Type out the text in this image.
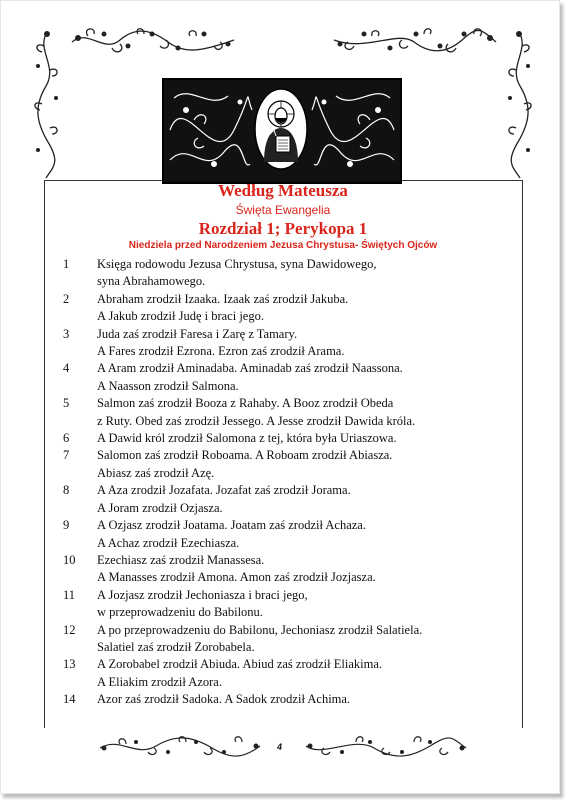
Według Mateusza
Święta Ewangelia
Rozdział 1; Perykopa 1
Niedziela przed Narodzeniem Jezusa Chrystusa- Świętych Ojców
1	Księga rodowodu Jezusa Chrystusa, syna Dawidowego,
syna Abrahamowego.
2	Abraham zrodził Izaaka. Izaak zaś zrodził Jakuba.
A Jakub zrodził Judę i braci jego.
3	Juda zaś zrodził Faresa i Zarę z Tamary.
A Fares zrodził Ezrona. Ezron zaś zrodził Arama.
4	A Aram zrodził Aminadaba. Aminadab zaś zrodził Naassona.
A Naasson zrodził Salmona.
5	Salmon zaś zrodził Booza z Rahaby. A Booz zrodził Obeda
z Ruty. Obed zaś zrodził Jessego. A Jesse zrodził Dawida króla.
6	A Dawid król zrodził Salomona z tej, która była Uriaszowa.
7	Salomon zaś zrodził Roboama. A Roboam zrodził Abiasza.
Abiasz zaś zrodził Azę.
8	A Aza zrodził Jozafata. Jozafat zaś zrodził Jorama.
A Joram zrodził Ozjasza.
9	A Ozjasz zrodził Joatama. Joatam zaś zrodził Achaza.
A Achaz zrodził Ezechiasza.
10	Ezechiasz zaś zrodził Manassesa.
A Manasses zrodził Amona. Amon zaś zrodził Jozjasza.
11	A Jozjasz zrodził Jechoniasza i braci jego,
w przeprowadzeniu do Babilonu.
12	A po przeprowadzeniu do Babilonu, Jechoniasz zrodził Salatiela.
Salatiel zaś zrodził Zorobabela.
13	A Zorobabel zrodził Abiuda. Abiud zaś zrodził Eliakima.
A Eliakim zrodził Azora.
14	Azor zaś zrodził Sadoka. A Sadok zrodził Achima.
4
